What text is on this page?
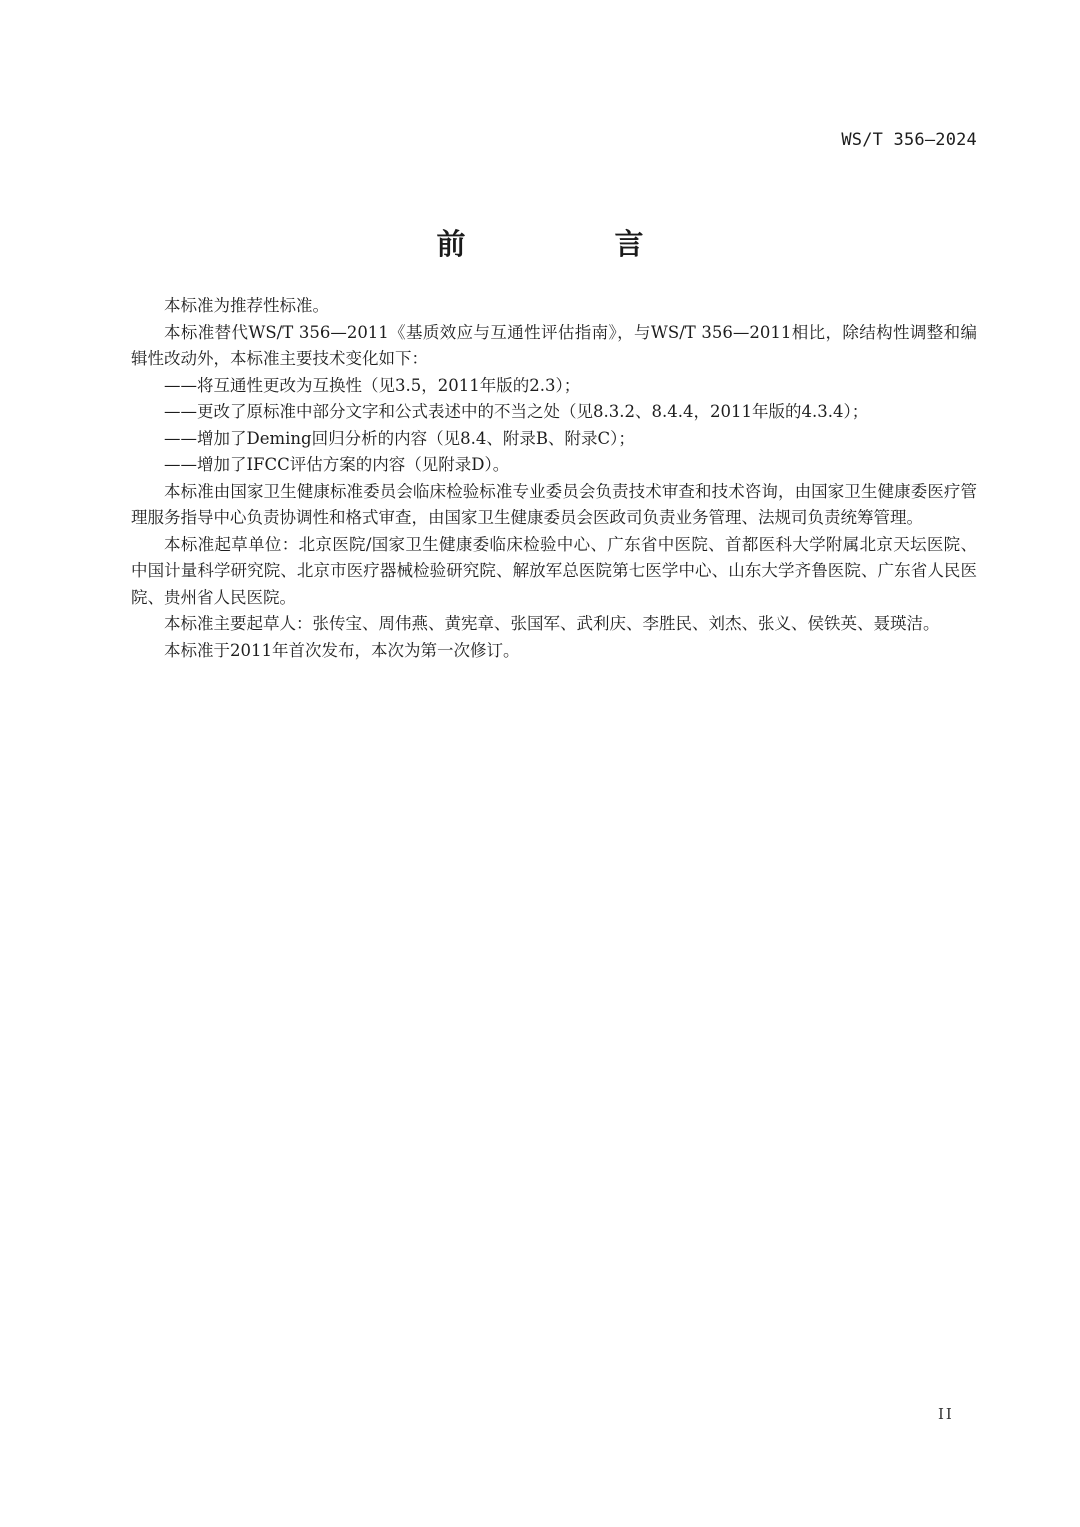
WS/T 356—2024
前　言

本标准为推荐性标准。

本标准替代WS/T 356—2011《基质效应与互通性评估指南》，与WS/T 356—2011相比，除结构性调整和编辑性改动外，本标准主要技术变化如下：

——将互通性更改为互换性（见3.5，2011年版的2.3）；

——更改了原标准中部分文字和公式表述中的不当之处（见8.3.2、8.4.4，2011年版的4.3.4）；

——增加了Deming回归分析的内容（见8.4、附录B、附录C）；

——增加了IFCC评估方案的内容（见附录D）。

本标准由国家卫生健康标准委员会临床检验标准专业委员会负责技术审查和技术咨询，由国家卫生健康委医疗管理服务指导中心负责协调性和格式审查，由国家卫生健康委员会医政司负责业务管理、法规司负责统筹管理。

本标准起草单位：北京医院/国家卫生健康委临床检验中心、广东省中医院、首都医科大学附属北京天坛医院、中国计量科学研究院、北京市医疗器械检验研究院、解放军总医院第七医学中心、山东大学齐鲁医院、广东省人民医院、贵州省人民医院。

本标准主要起草人：张传宝、周伟燕、黄宪章、张国军、武利庆、李胜民、刘杰、张义、侯铁英、聂瑛洁。

本标准于2011年首次发布，本次为第一次修订。

II
